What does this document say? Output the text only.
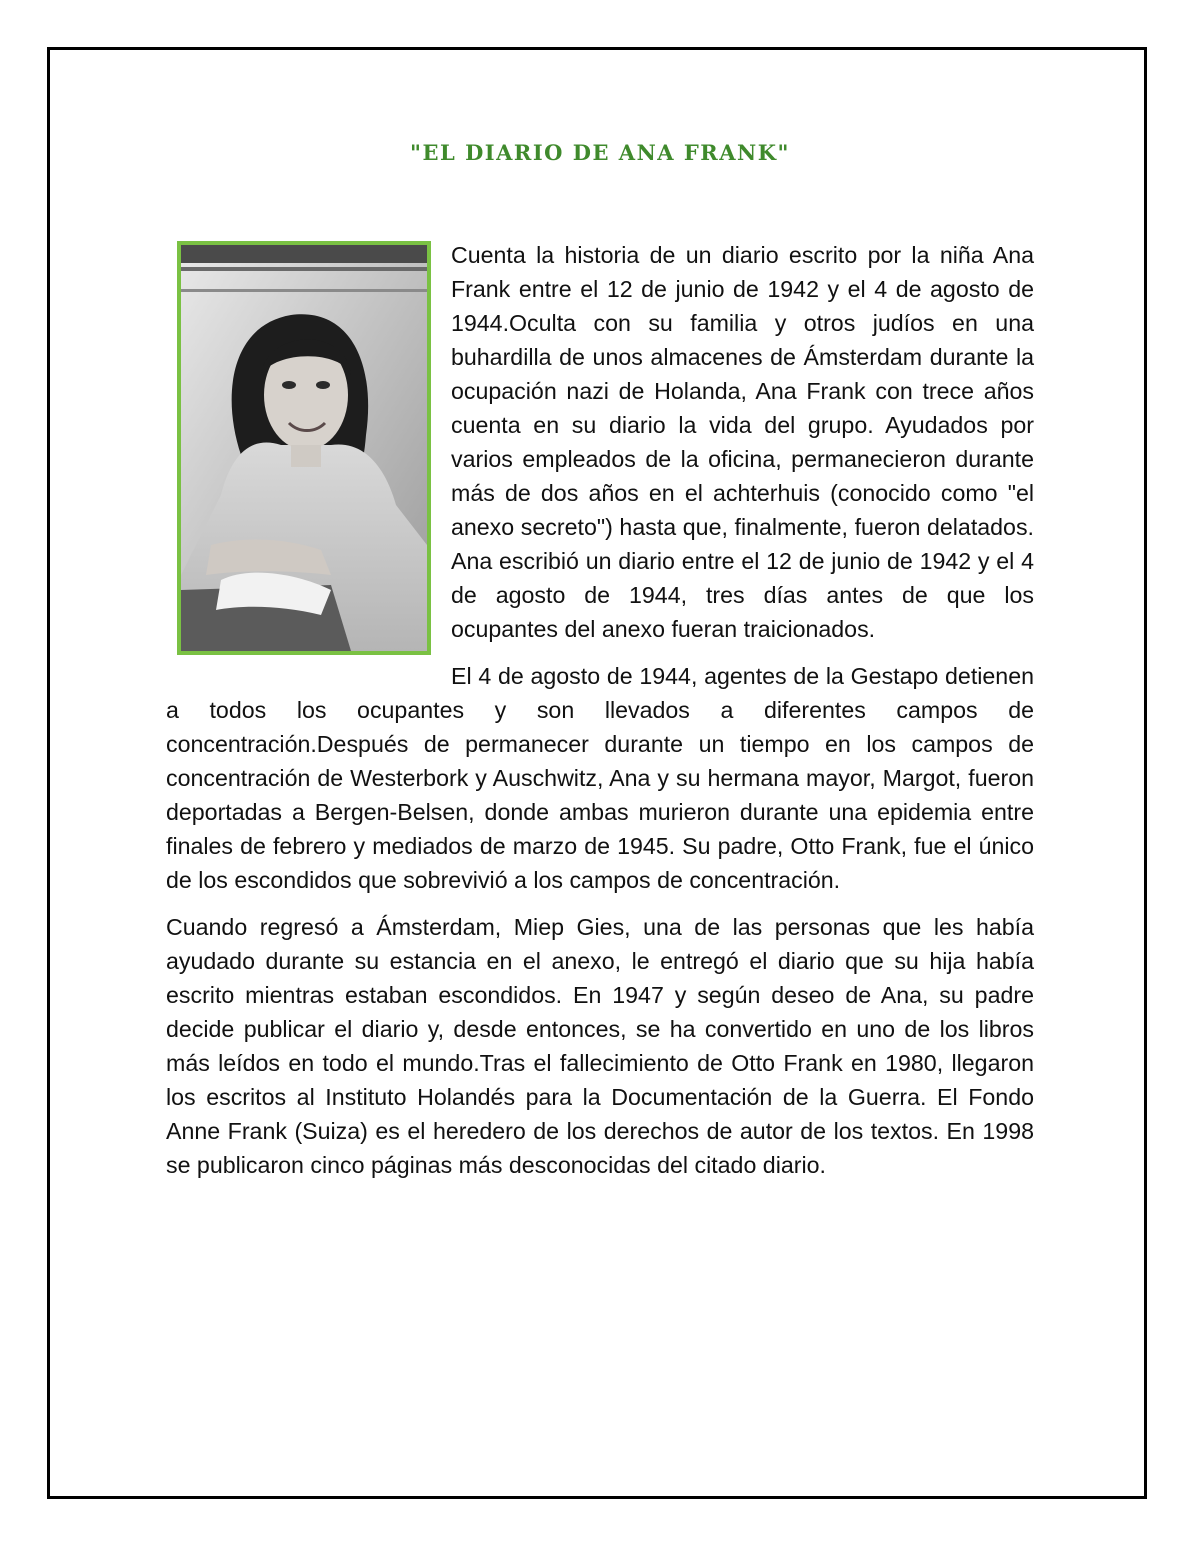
"EL DIARIO DE ANA FRANK"

Cuenta la historia de un diario escrito por la niña Ana Frank entre el 12 de junio de 1942 y el 4 de agosto de 1944.Oculta con su familia y otros judíos en una buhardilla de unos almacenes de Ámsterdam durante la ocupación nazi de Holanda, Ana Frank con trece años cuenta en su diario la vida del grupo. Ayudados por varios empleados de la oficina, permanecieron durante más de dos años en el achterhuis (conocido como "el anexo secreto") hasta que, finalmente, fueron delatados. Ana escribió un diario entre el 12 de junio de 1942 y el 4 de agosto de 1944, tres días antes de que los ocupantes del anexo fueran traicionados.

El 4 de agosto de 1944, agentes de la Gestapo detienen a todos los ocupantes y son llevados a diferentes campos de concentración.Después de permanecer durante un tiempo en los campos de concentración de Westerbork y Auschwitz, Ana y su hermana mayor, Margot, fueron deportadas a Bergen-Belsen, donde ambas murieron durante una epidemia entre finales de febrero y mediados de marzo de 1945. Su padre, Otto Frank, fue el único de los escondidos que sobrevivió a los campos de concentración.

Cuando regresó a Ámsterdam, Miep Gies, una de las personas que les había ayudado durante su estancia en el anexo, le entregó el diario que su hija había escrito mientras estaban escondidos. En 1947 y según deseo de Ana, su padre decide publicar el diario y, desde entonces, se ha convertido en uno de los libros más leídos en todo el mundo.Tras el fallecimiento de Otto Frank en 1980, llegaron los escritos al Instituto Holandés para la Documentación de la Guerra. El Fondo Anne Frank (Suiza) es el heredero de los derechos de autor de los textos. En 1998 se publicaron cinco páginas más desconocidas del citado diario.
